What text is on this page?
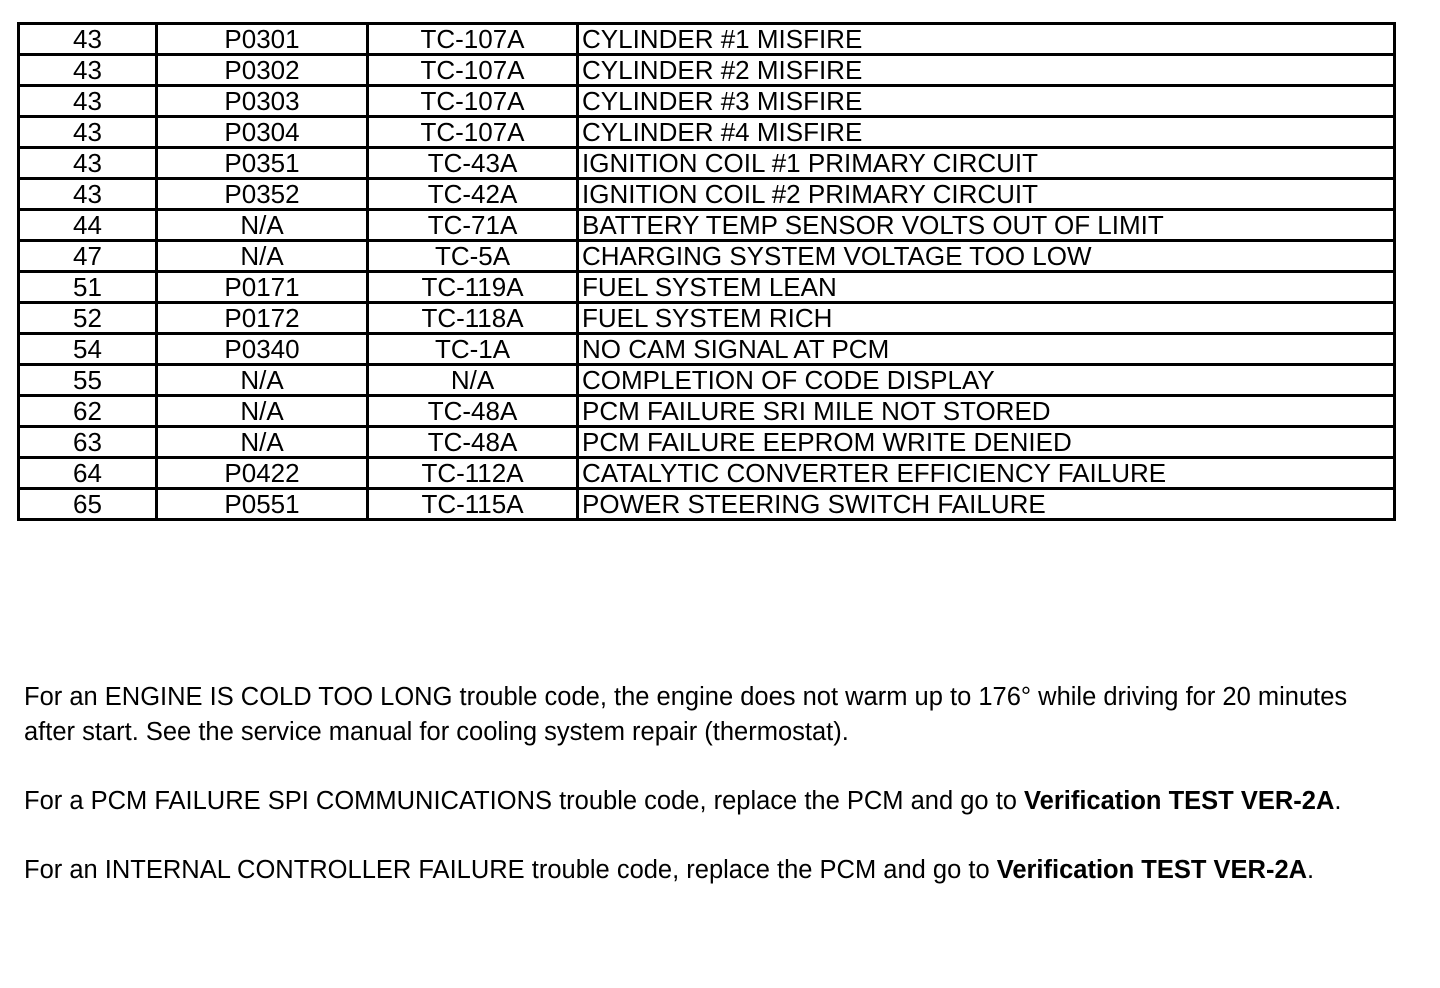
43	P0301	TC-107A	CYLINDER #1 MISFIRE
43	P0302	TC-107A	CYLINDER #2 MISFIRE
43	P0303	TC-107A	CYLINDER #3 MISFIRE
43	P0304	TC-107A	CYLINDER #4 MISFIRE
43	P0351	TC-43A	IGNITION COIL #1 PRIMARY CIRCUIT
43	P0352	TC-42A	IGNITION COIL #2 PRIMARY CIRCUIT
44	N/A	TC-71A	BATTERY TEMP SENSOR VOLTS OUT OF LIMIT
47	N/A	TC-5A	CHARGING SYSTEM VOLTAGE TOO LOW
51	P0171	TC-119A	FUEL SYSTEM LEAN
52	P0172	TC-118A	FUEL SYSTEM RICH
54	P0340	TC-1A	NO CAM SIGNAL AT PCM
55	N/A	N/A	COMPLETION OF CODE DISPLAY
62	N/A	TC-48A	PCM FAILURE SRI MILE NOT STORED
63	N/A	TC-48A	PCM FAILURE EEPROM WRITE DENIED
64	P0422	TC-112A	CATALYTIC CONVERTER EFFICIENCY FAILURE
65	P0551	TC-115A	POWER STEERING SWITCH FAILURE

For an ENGINE IS COLD TOO LONG trouble code, the engine does not warm up to 176° while driving for 20 minutes after start. See the service manual for cooling system repair (thermostat).

For a PCM FAILURE SPI COMMUNICATIONS trouble code, replace the PCM and go to Verification TEST VER-2A.

For an INTERNAL CONTROLLER FAILURE trouble code, replace the PCM and go to Verification TEST VER-2A.
